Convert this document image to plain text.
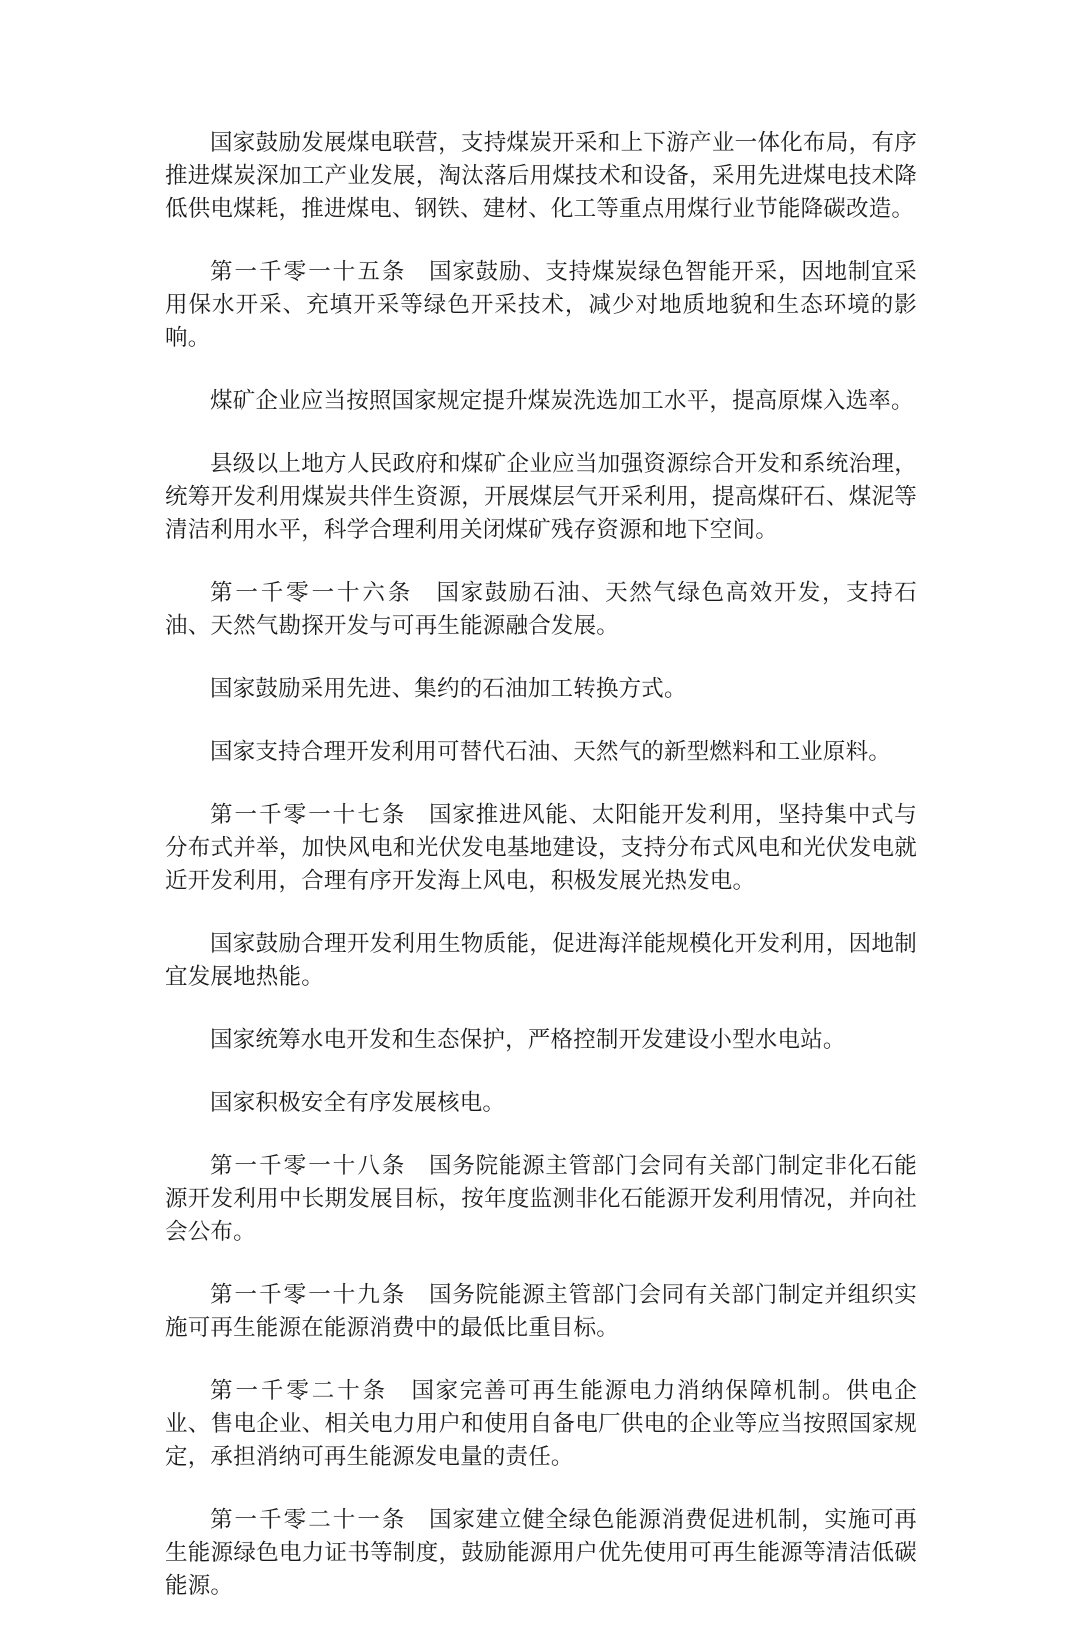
国家鼓励发展煤电联营，支持煤炭开采和上下游产业一体化布局，有序推进煤炭深加工产业发展，淘汰落后用煤技术和设备，采用先进煤电技术降低供电煤耗，推进煤电、钢铁、建材、化工等重点用煤行业节能降碳改造。

第一千零一十五条 国家鼓励、支持煤炭绿色智能开采，因地制宜采用保水开采、充填开采等绿色开采技术，减少对地质地貌和生态环境的影响。

煤矿企业应当按照国家规定提升煤炭洗选加工水平，提高原煤入选率。

县级以上地方人民政府和煤矿企业应当加强资源综合开发和系统治理，统筹开发利用煤炭共伴生资源，开展煤层气开采利用，提高煤矸石、煤泥等清洁利用水平，科学合理利用关闭煤矿残存资源和地下空间。

第一千零一十六条 国家鼓励石油、天然气绿色高效开发，支持石油、天然气勘探开发与可再生能源融合发展。

国家鼓励采用先进、集约的石油加工转换方式。

国家支持合理开发利用可替代石油、天然气的新型燃料和工业原料。

第一千零一十七条 国家推进风能、太阳能开发利用，坚持集中式与分布式并举，加快风电和光伏发电基地建设，支持分布式风电和光伏发电就近开发利用，合理有序开发海上风电，积极发展光热发电。

国家鼓励合理开发利用生物质能，促进海洋能规模化开发利用，因地制宜发展地热能。

国家统筹水电开发和生态保护，严格控制开发建设小型水电站。

国家积极安全有序发展核电。

第一千零一十八条 国务院能源主管部门会同有关部门制定非化石能源开发利用中长期发展目标，按年度监测非化石能源开发利用情况，并向社会公布。

第一千零一十九条 国务院能源主管部门会同有关部门制定并组织实施可再生能源在能源消费中的最低比重目标。

第一千零二十条 国家完善可再生能源电力消纳保障机制。供电企业、售电企业、相关电力用户和使用自备电厂供电的企业等应当按照国家规定，承担消纳可再生能源发电量的责任。

第一千零二十一条 国家建立健全绿色能源消费促进机制，实施可再生能源绿色电力证书等制度，鼓励能源用户优先使用可再生能源等清洁低碳能源。
